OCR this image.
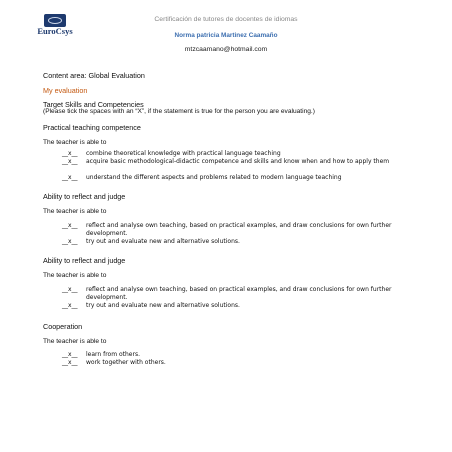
EuroCsys

Certificación de tutores de docentes de idiomas
Norma patricia Martinez Caamaño
mtzcaamano@hotmail.com
Content area: Global Evaluation
My evaluation
Target Skills and Competencies
(Please tick the spaces with an “X”, if the statement is true for the person you are evaluating.)
Practical teaching competence
The teacher is able to
__x__ combine theoretical knowledge with practical language teaching
__x__ acquire basic methodological-didactic competence and skills and know when and how to apply them
__x__ understand the different aspects and problems related to modern language teaching
Ability to reflect and judge
The teacher is able to
__x__ reflect and analyse own teaching, based on practical examples, and draw conclusions for own further development.
__x__ try out and evaluate new and alternative solutions.
Ability to reflect and judge
The teacher is able to
__x__ reflect and analyse own teaching, based on practical examples, and draw conclusions for own further development.
__x__ try out and evaluate new and alternative solutions.
Cooperation
The teacher is able to
__x__ learn from others.
__x__ work together with others.
